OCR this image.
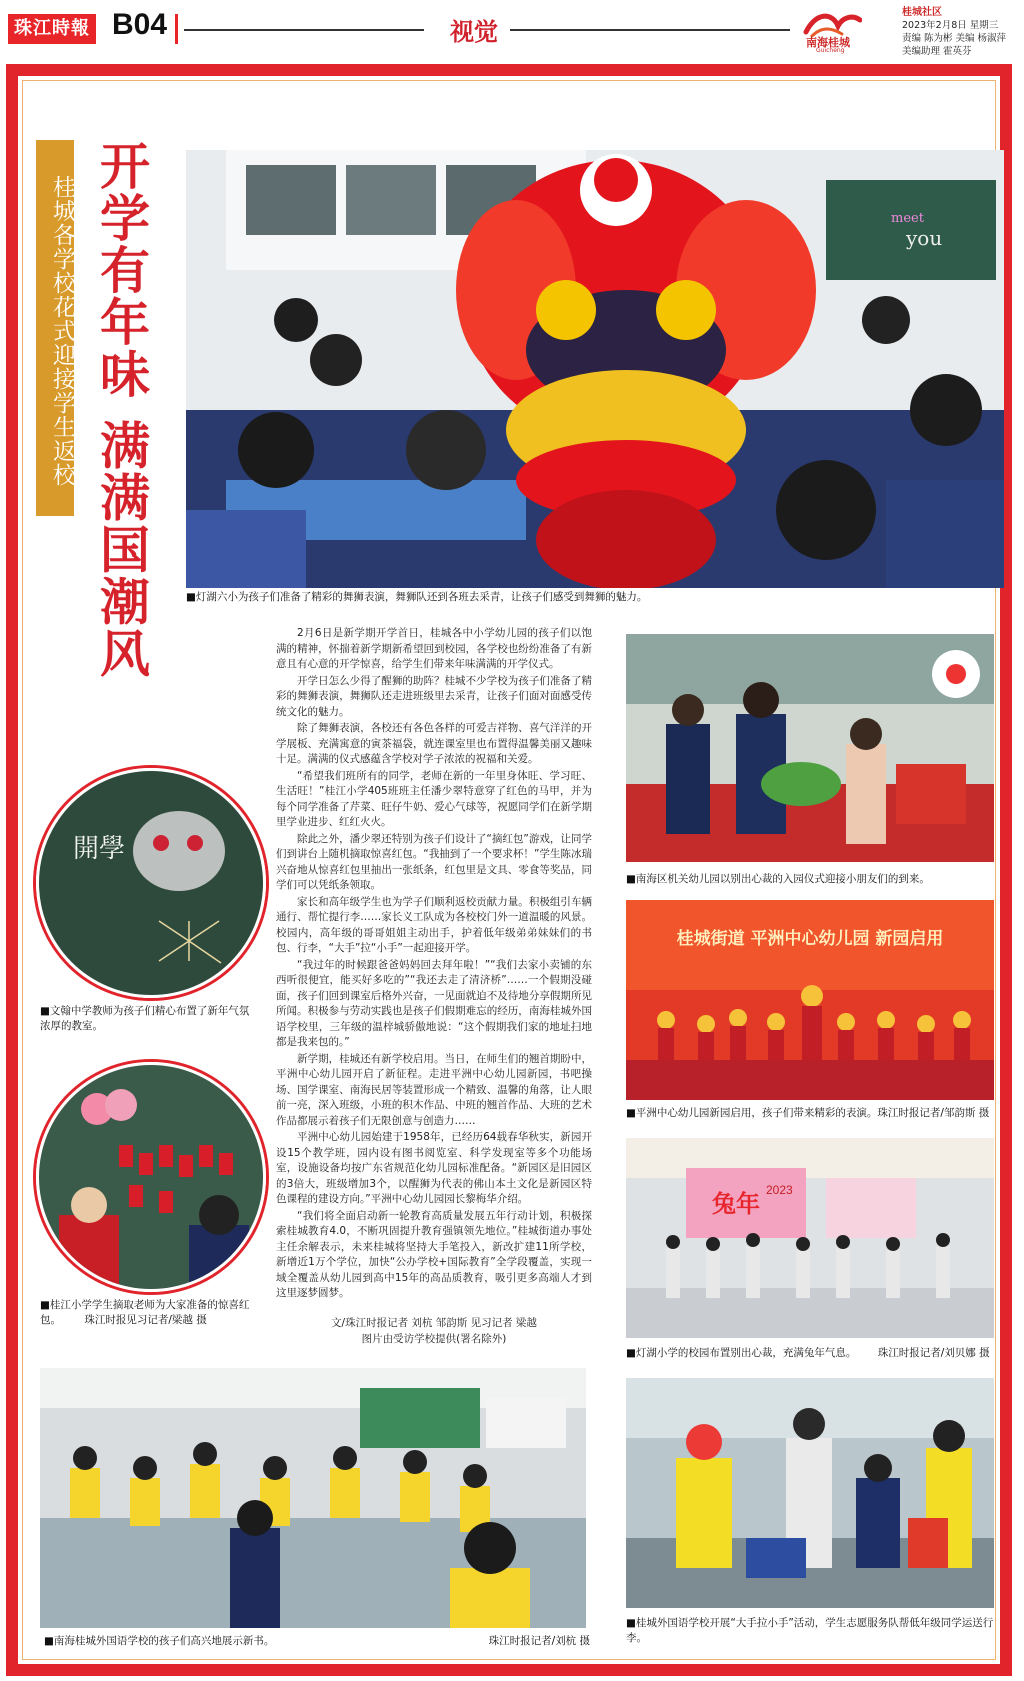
珠江時報 B04	视觉	南海桂城
Guicheng
桂城社区
2023年2月8日 星期三
责编 陈为彬 美编 杨淑萍
美编助理 霍英芬
桂城各学校花式迎接学生返校 开学有年味 满满国潮风	you
meet
■灯湖六小为孩子们准备了精彩的舞狮表演，舞狮队还到各班去采青，让孩子们感受到舞狮的魅力。
開學
■文翰中学教师为孩子们精心布置了新年气氛浓厚的教室。
■桂江小学学生摘取老师为大家准备的惊喜红包。 珠江时报见习记者/梁越 摄

2月6日是新学期开学首日，桂城各中小学幼儿园的孩子们以饱满的精神，怀揣着新学期新希望回到校园，各学校也纷纷准备了有新意且有心意的开学惊喜，给学生们带来年味满满的开学仪式。

开学日怎么少得了醒狮的助阵？桂城不少学校为孩子们准备了精彩的舞狮表演，舞狮队还走进班级里去采青，让孩子们面对面感受传统文化的魅力。

除了舞狮表演，各校还有各色各样的可爱吉祥物、喜气洋洋的开学展板、充满寓意的寅茶福袋，就连课室里也布置得温馨美丽又趣味十足。满满的仪式感蕴含学校对学子浓浓的祝福和关爱。

“希望我们班所有的同学，老师在新的一年里身体旺、学习旺、生活旺！”桂江小学405班班主任潘少翠特意穿了红色的马甲，并为每个同学准备了芹菜、旺仔牛奶、爱心气球等，祝愿同学们在新学期里学业进步、红红火火。

除此之外，潘少翠还特别为孩子们设计了“摘红包”游戏，让同学们到讲台上随机摘取惊喜红包。“我抽到了一个要求杯！”学生陈冰瑞兴奋地从惊喜红包里抽出一张纸条，红包里是文具、零食等奖品，同学们可以凭纸条领取。

家长和高年级学生也为学子们顺利返校贡献力量。积极组引车辆通行、帮忙提行李……家长义工队成为各校校门外一道温暖的风景。校园内，高年级的哥哥姐姐主动出手，护着低年级弟弟妹妹们的书包、行李，“大手”拉“小手”一起迎接开学。

“我过年的时候跟爸爸妈妈回去拜年啦！”“我们去家小卖铺的东西听很便宜，能买好多吃的”“我还去走了清济桥”……一个假期没碰面，孩子们回到课室后格外兴奋，一见面就迫不及待地分享假期所见所闻。积极参与劳动实践也是孩子们假期难忘的经历，南海桂城外国语学校里，三年级的温梓城骄傲地说：“这个假期我们家的地址扫地都是我来包的。”

新学期，桂城还有新学校启用。当日，在师生们的翘首期盼中，平洲中心幼儿园开启了新征程。走进平洲中心幼儿园新园，书吧操场、国学课室、南海民居等装置形成一个精致、温馨的角落，让人眼前一亮，深入班级，小班的积木作品、中班的翘首作品、大班的艺术作品都展示着孩子们无限创意与创造力……

平洲中心幼儿园始建于1958年，已经历64载春华秋实，新园开设15个教学班，园内设有图书阅览室、科学发现室等多个功能场室，设施设备均按广东省规范化幼儿园标准配备。“新园区是旧园区的3倍大，班级增加3个，以醒狮为代表的佛山本土文化是新园区特色课程的建设方向。”平洲中心幼儿园园长黎梅华介绍。

“我们将全面启动新一轮教育高质量发展五年行动计划，积极探索桂城教育4.0，不断巩固提升教育强镇领先地位。”桂城街道办事处主任余解表示，未来桂城将坚持大手笔投入，新改扩建11所学校，新增近1万个学位，加快“公办学校+国际教育”全学段覆盖，实现一域全覆盖从幼儿园到高中15年的高品质教育，吸引更多高端人才到这里逐梦圆梦。

文/珠江时报记者 刘杭 邹韵斯 见习记者 梁越
图片由受访学校提供(署名除外)
■南海区机关幼儿园以别出心裁的入园仪式迎接小朋友们的到来。
桂城街道 平洲中心幼儿园 新园启用
■平洲中心幼儿园新园启用，孩子们带来精彩的表演。珠江时报记者/邹韵斯 摄
兔年 2023
■灯湖小学的校园布置别出心裁，充满兔年气息。 珠江时报记者/刘贝娜 摄
■桂城外国语学校开展“大手拉小手”活动，学生志愿服务队帮低年级同学运送行李。
■南海桂城外国语学校的孩子们高兴地展示新书。	珠江时报记者/刘杭 摄
